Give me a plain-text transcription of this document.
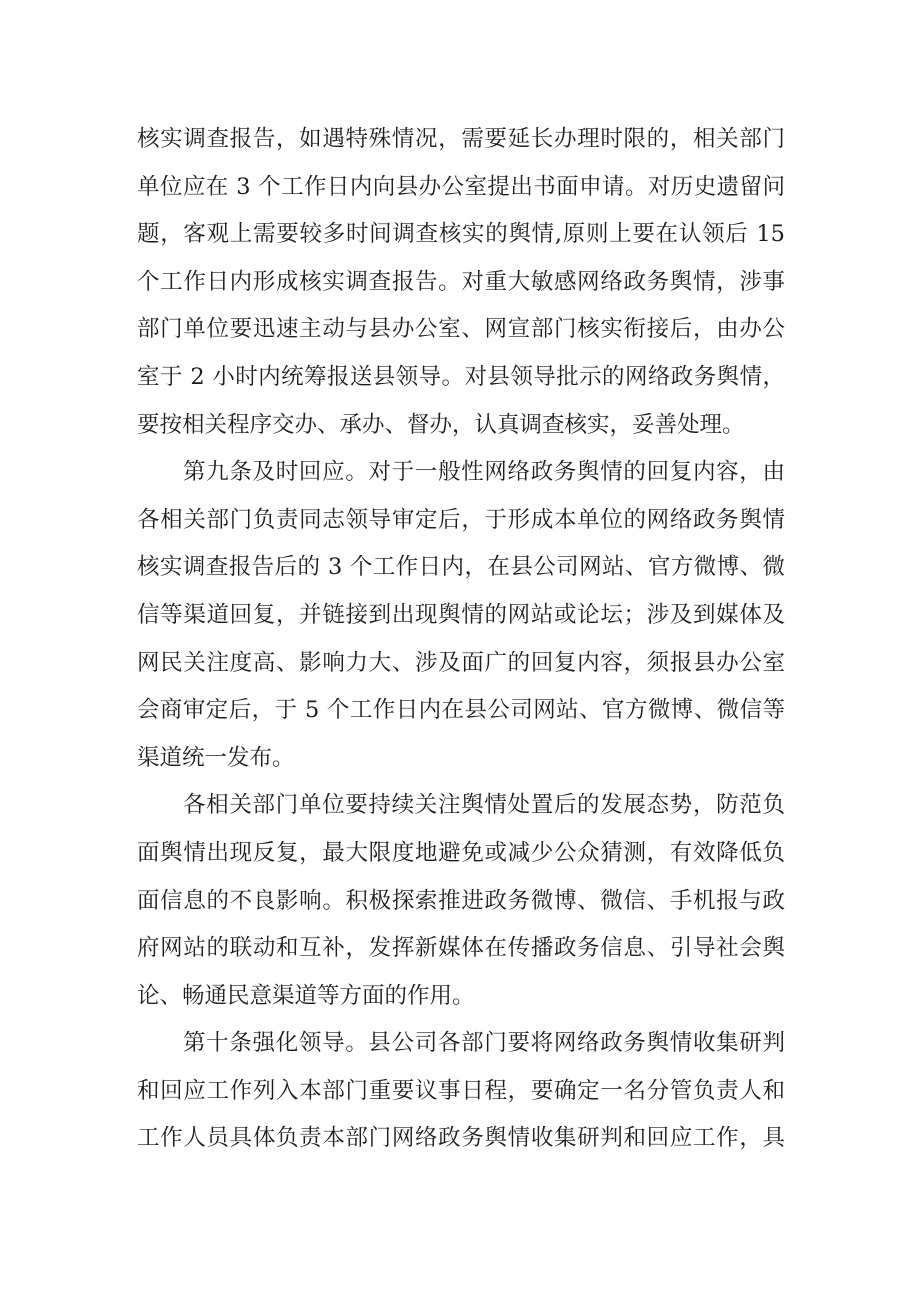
核实调查报告，如遇特殊情况，需要延长办理时限的，相关部门
单位应在 3 个工作日内向县办公室提出书面申请。对历史遗留问
题，客观上需要较多时间调查核实的舆情,原则上要在认领后 15
个工作日内形成核实调查报告。对重大敏感网络政务舆情，涉事
部门单位要迅速主动与县办公室、网宣部门核实衔接后，由办公
室于 2 小时内统筹报送县领导。对县领导批示的网络政务舆情，
要按相关程序交办、承办、督办，认真调查核实，妥善处理。
第九条及时回应。对于一般性网络政务舆情的回复内容，由
各相关部门负责同志领导审定后，于形成本单位的网络政务舆情
核实调查报告后的 3 个工作日内，在县公司网站、官方微博、微
信等渠道回复，并链接到出现舆情的网站或论坛；涉及到媒体及
网民关注度高、影响力大、涉及面广的回复内容，须报县办公室
会商审定后，于 5 个工作日内在县公司网站、官方微博、微信等
渠道统一发布。
各相关部门单位要持续关注舆情处置后的发展态势，防范负
面舆情出现反复，最大限度地避免或减少公众猜测，有效降低负
面信息的不良影响。积极探索推进政务微博、微信、手机报与政
府网站的联动和互补，发挥新媒体在传播政务信息、引导社会舆
论、畅通民意渠道等方面的作用。
第十条强化领导。县公司各部门要将网络政务舆情收集研判
和回应工作列入本部门重要议事日程，要确定一名分管负责人和
工作人员具体负责本部门网络政务舆情收集研判和回应工作，具
